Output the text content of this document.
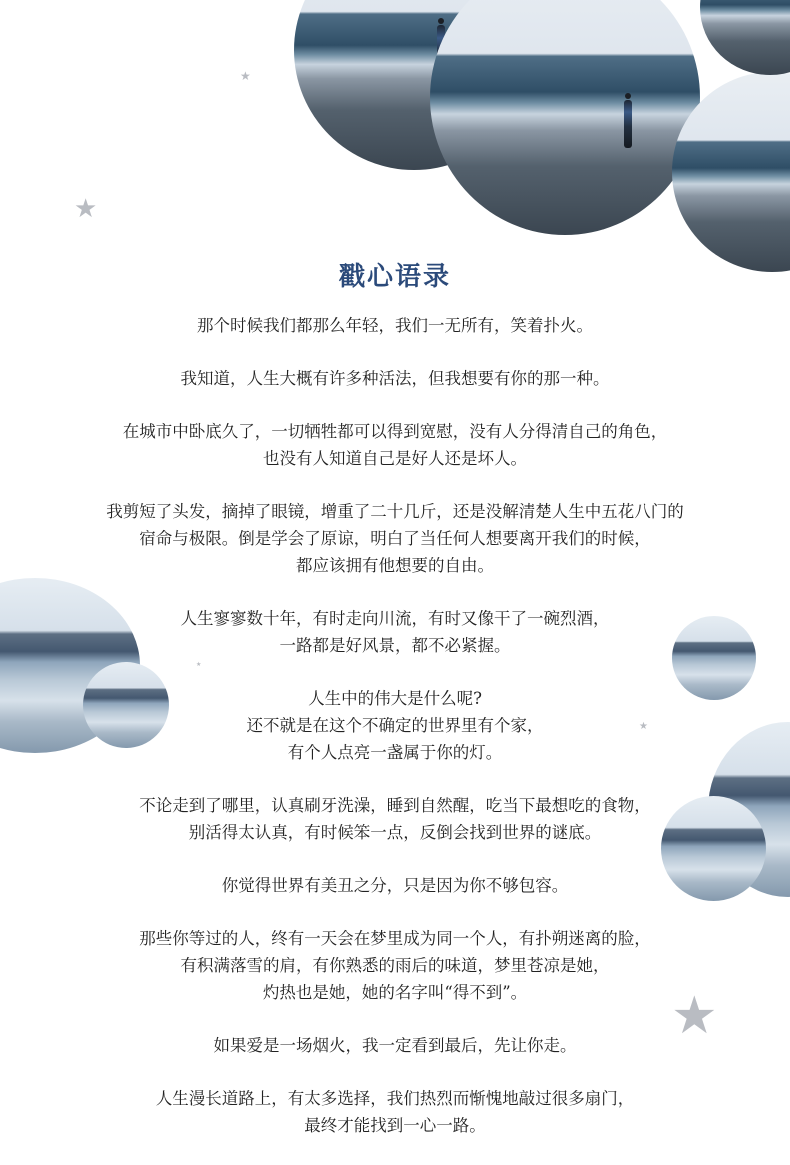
★
★
★
★
★
戳心语录
那个时候我们都那么年轻，我们一无所有，笑着扑火。
我知道，人生大概有许多种活法，但我想要有你的那一种。
在城市中卧底久了，一切牺牲都可以得到宽慰，没有人分得清自己的角色，
也没有人知道自己是好人还是坏人。
我剪短了头发，摘掉了眼镜，增重了二十几斤，还是没解清楚人生中五花八门的
宿命与极限。倒是学会了原谅，明白了当任何人想要离开我们的时候，
都应该拥有他想要的自由。
人生寥寥数十年，有时走向川流，有时又像干了一碗烈酒，
一路都是好风景，都不必紧握。
人生中的伟大是什么呢?
还不就是在这个不确定的世界里有个家，
有个人点亮一盏属于你的灯。
不论走到了哪里，认真刷牙洗澡，睡到自然醒，吃当下最想吃的食物，
别活得太认真，有时候笨一点，反倒会找到世界的谜底。
你觉得世界有美丑之分，只是因为你不够包容。
那些你等过的人，终有一天会在梦里成为同一个人，有扑朔迷离的脸，
有积满落雪的肩，有你熟悉的雨后的味道，梦里苍凉是她，
灼热也是她，她的名字叫“得不到”。
如果爱是一场烟火，我一定看到最后，先让你走。
人生漫长道路上，有太多选择，我们热烈而惭愧地敲过很多扇门，
最终才能找到一心一路。
